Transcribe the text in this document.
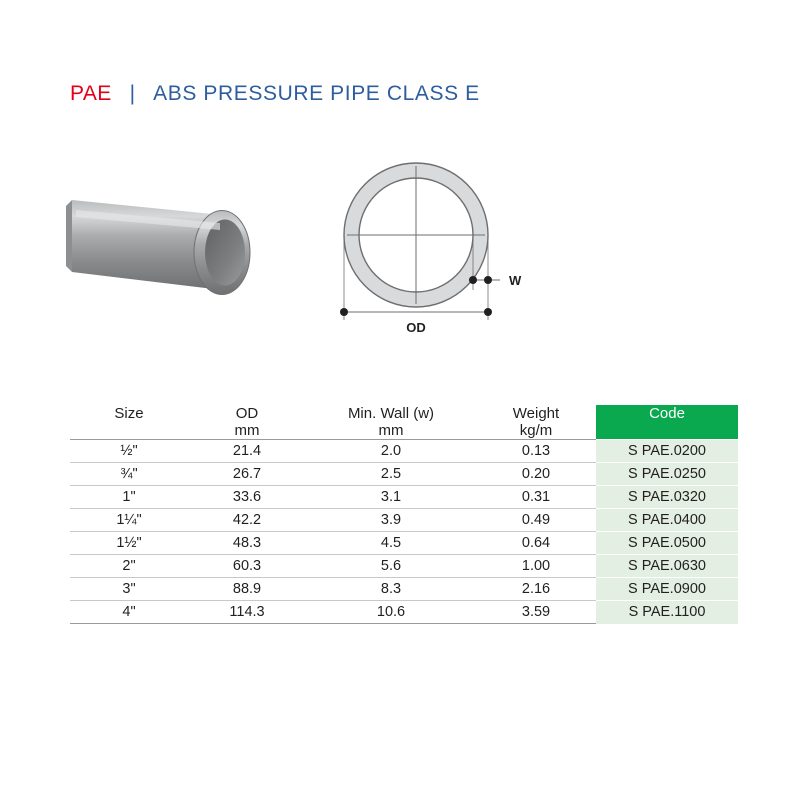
PAE | ABS PRESSURE PIPE CLASS E
OD
W
Size	OD	Min. Wall (w)	Weight	Code
	mm	mm	kg/m	
½"	21.4	2.0	0.13	S PAE.0200
¾"	26.7	2.5	0.20	S PAE.0250
1"	33.6	3.1	0.31	S PAE.0320
1¼"	42.2	3.9	0.49	S PAE.0400
1½"	48.3	4.5	0.64	S PAE.0500
2"	60.3	5.6	1.00	S PAE.0630
3"	88.9	8.3	2.16	S PAE.0900
4"	114.3	10.6	3.59	S PAE.1100
